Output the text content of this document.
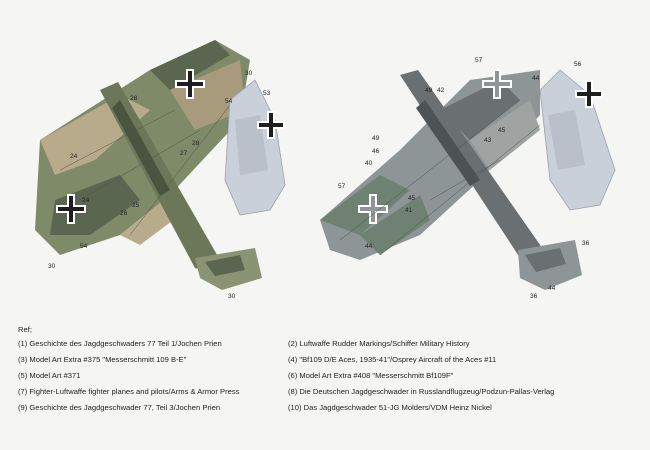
28
30
24	27
28
54
24
26
25
54
30
30
53	49 42
57
44
43
45
49
46
40
57
45
41
44	36
36
44
56
Ref;
(1) Geschichte des Jagdgeschwaders 77 Teil 1/Jochen Prien	(2) Luftwaffe Rudder Markings/Schiffer Military History
(3) Model Art Extra #375 "Messerschmitt 109 B-E"	(4) "Bf109 D/E Aces, 1935-41"/Osprey Aircraft of the Aces #11
(5) Model Art #371	(6) Model Art Extra #408 "Messerschmitt Bf109F"
(7) Fighter-Luftwaffe fighter planes and pilots/Arms & Armor Press	(8) Die Deutschen Jagdgeschwader in Russlandflugzeug/Podzun-Pallas-Verlag
(9) Geschichte des Jagdgeschwader 77, Teil 3/Jochen Prien	(10) Das Jagdgeschwader 51-JG Molders/VDM Heinz Nickel
